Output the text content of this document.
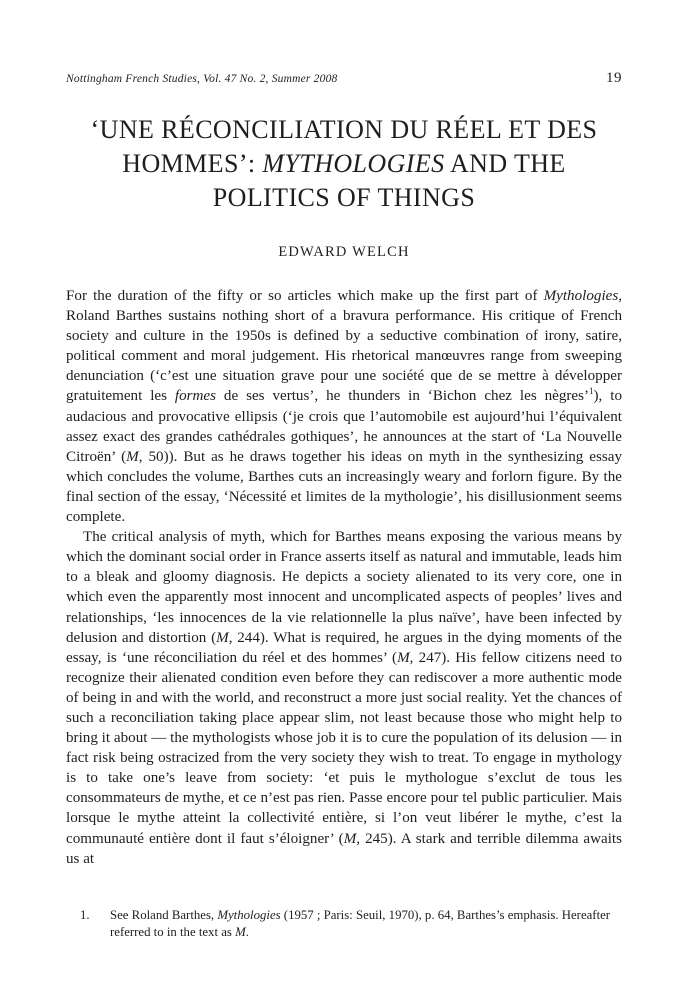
Nottingham French Studies, Vol. 47 No. 2, Summer 2008	19
‘UNE RÉCONCILIATION DU RÉEL ET DES
HOMMES’: MYTHOLOGIES AND THE
POLITICS OF THINGS
EDWARD WELCH

For the duration of the fifty or so articles which make up the first part of Mythologies, Roland Barthes sustains nothing short of a bravura performance. His critique of French society and culture in the 1950s is defined by a seductive combination of irony, satire, political comment and moral judgement. His rhetorical manœuvres range from sweeping denunciation (‘c’est une situation grave pour une société que de se mettre à développer gratuitement les formes de ses vertus’, he thunders in ‘Bichon chez les nègres’$^1$), to audacious and provocative ellipsis (‘je crois que l’automobile est aujourd’hui l’équivalent assez exact des grandes cathédrales gothiques’, he announces at the start of ‘La Nouvelle Citroën’ (M, 50)). But as he draws together his ideas on myth in the synthesizing essay which concludes the volume, Barthes cuts an increasingly weary and forlorn figure. By the final section of the essay, ‘Nécessité et limites de la mythologie’, his disillusionment seems complete.

The critical analysis of myth, which for Barthes means exposing the various means by which the dominant social order in France asserts itself as natural and immutable, leads him to a bleak and gloomy diagnosis. He depicts a society alienated to its very core, one in which even the apparently most innocent and uncomplicated aspects of peoples’ lives and relationships, ‘les innocences de la vie relationnelle la plus naïve’, have been infected by delusion and distortion (M, 244). What is required, he argues in the dying moments of the essay, is ‘une réconciliation du réel et des hommes’ (M, 247). His fellow citizens need to recognize their alienated condition even before they can rediscover a more authentic mode of being in and with the world, and reconstruct a more just social reality. Yet the chances of such a reconciliation taking place appear slim, not least because those who might help to bring it about — the mythologists whose job it is to cure the population of its delusion — in fact risk being ostracized from the very society they wish to treat. To engage in mythology is to take one’s leave from society: ‘et puis le mythologue s’exclut de tous les consommateurs de mythe, et ce n’est pas rien. Passe encore pour tel public particulier. Mais lorsque le mythe atteint la collectivité entière, si l’on veut libérer le mythe, c’est la communauté entière dont il faut s’éloigner’ (M, 245). A stark and terrible dilemma awaits us at

1.	See Roland Barthes, Mythologies (1957 ; Paris: Seuil, 1970), p. 64, Barthes’s emphasis. Hereafter referred to in the text as M.
